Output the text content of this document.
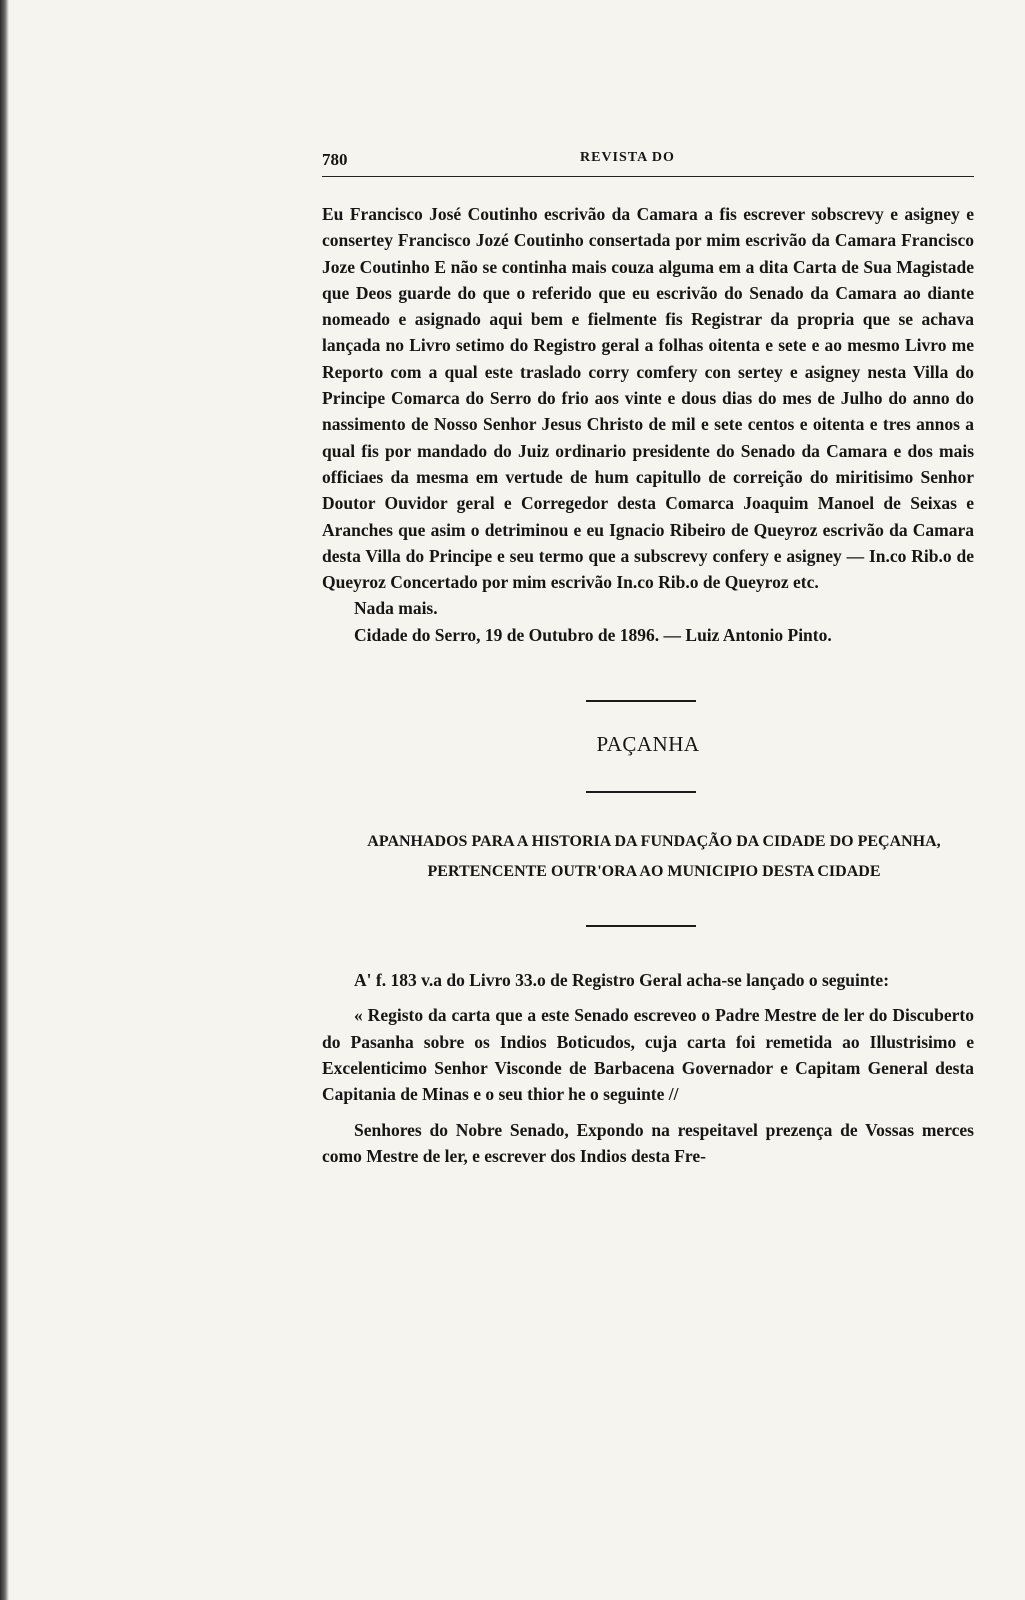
780	REVISTA DO

Eu Francisco José Coutinho escrivão da Camara a fis escrever sobscrevy e asigney e consertey Francisco Jozé Coutinho consertada por mim escrivão da Camara Francisco Joze Coutinho E não se continha mais couza alguma em a dita Carta de Sua Magistade que Deos guarde do que o referido que eu escrivão do Senado da Camara ao diante nomeado e asignado aqui bem e fielmente fis Registrar da propria que se achava lançada no Livro setimo do Registro geral a folhas oitenta e sete e ao mesmo Livro me Reporto com a qual este traslado corry comfery con sertey e asigney nesta Villa do Principe Comarca do Serro do frio aos vinte e dous dias do mes de Julho do anno do nassimento de Nosso Senhor Jesus Christo de mil e sete centos e oitenta e tres annos a qual fis por mandado do Juiz ordinario presidente do Senado da Camara e dos mais officiaes da mesma em vertude de hum capitullo de correição do miritisimo Senhor Doutor Ouvidor geral e Corregedor desta Comarca Joaquim Manoel de Seixas e Aranches que asim o detriminou e eu Ignacio Ribeiro de Queyroz escrivão da Camara desta Villa do Principe e seu termo que a subscrevy confery e asigney — In.co Rib.o de Queyroz Concertado por mim escrivão In.co Rib.o de Queyroz etc.

Nada mais.

Cidade do Serro, 19 de Outubro de 1896. — Luiz Antonio Pinto.

PAÇANHA
APANHADOS PARA A HISTORIA DA FUNDAÇÃO DA CIDADE DO PEÇANHA, PERTENCENTE OUTR'ORA AO MUNICIPIO DESTA CIDADE

A' f. 183 v.a do Livro 33.o de Registro Geral acha-se lançado o seguinte:

« Registo da carta que a este Senado escreveo o Padre Mestre de ler do Discuberto do Pasanha sobre os Indios Boticudos, cuja carta foi remetida ao Illustrisimo e Excelenticimo Senhor Visconde de Barbacena Governador e Capitam General desta Capitania de Minas e o seu thior he o seguinte //

Senhores do Nobre Senado, Expondo na respeitavel prezença de Vossas merces como Mestre de ler, e escrever dos Indios desta Fre-
